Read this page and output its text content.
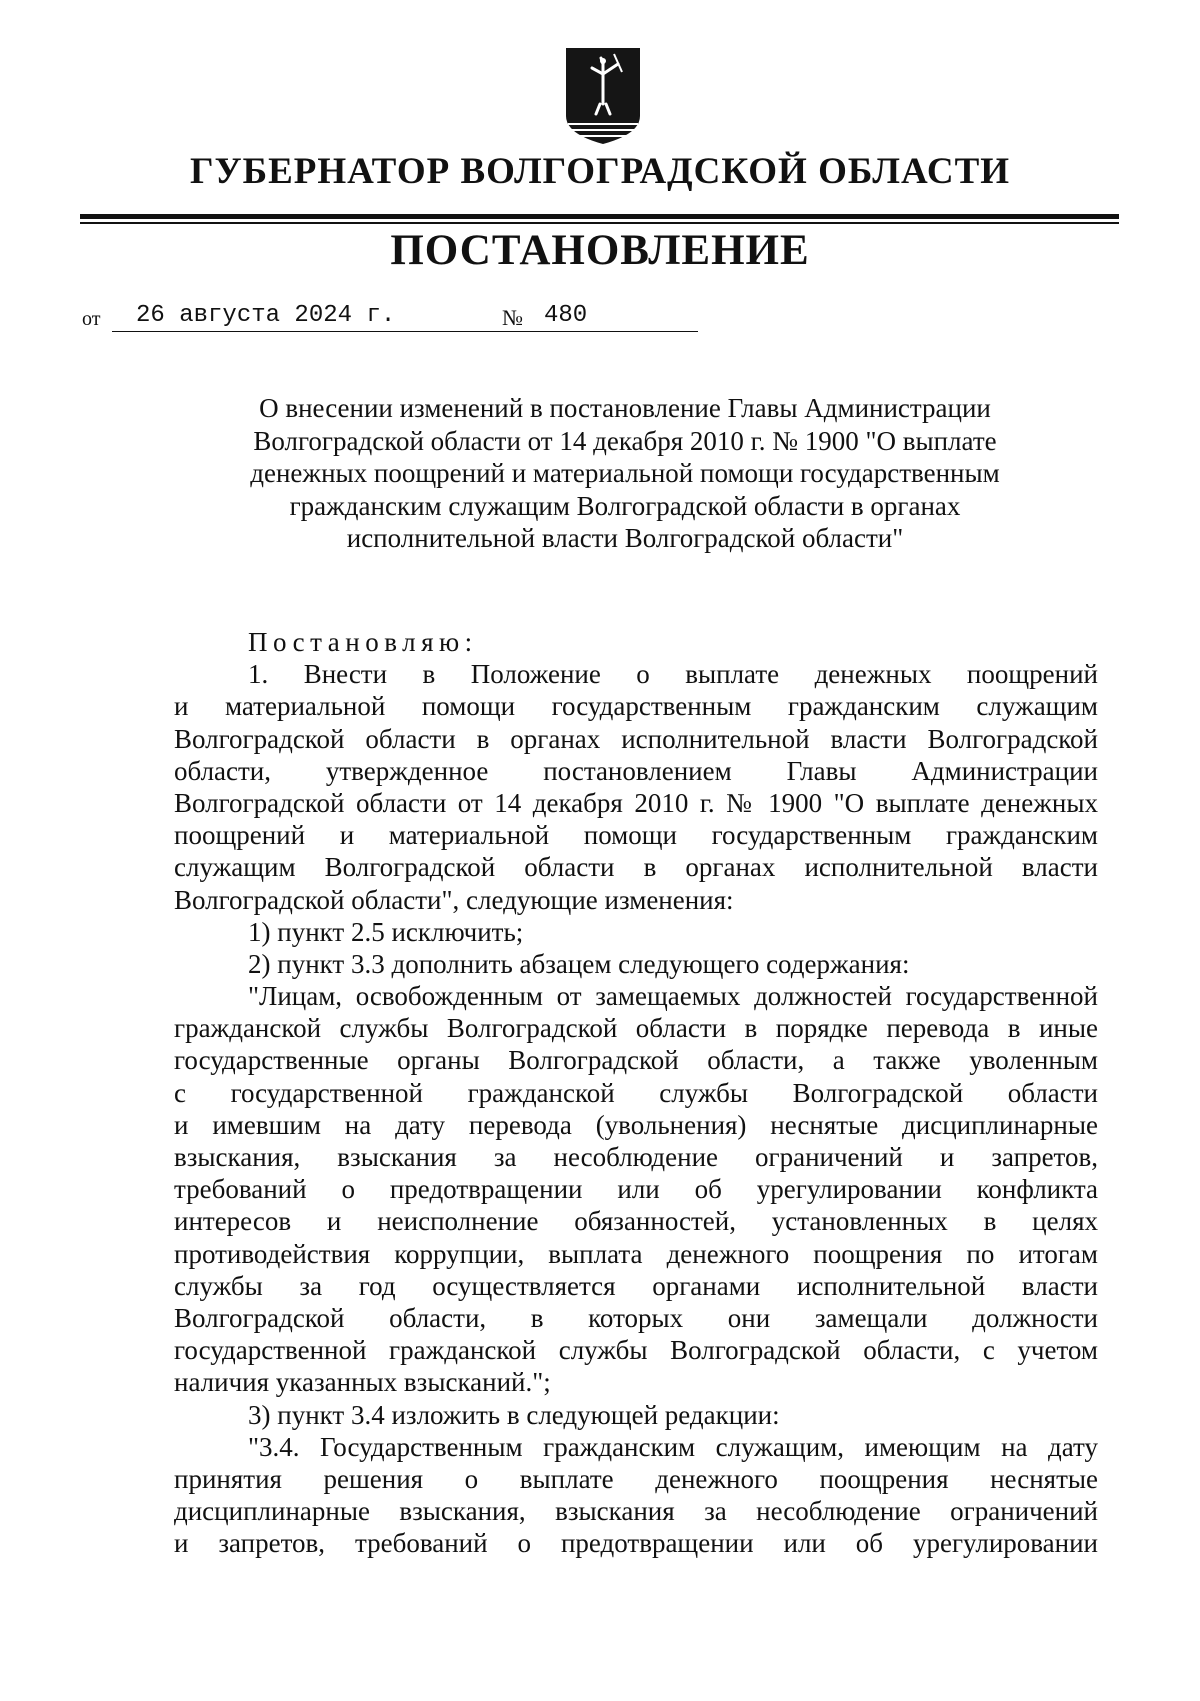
ГУБЕРНАТОР ВОЛГОГРАДСКОЙ ОБЛАСТИ
ПОСТАНОВЛЕНИЕ
от	26 августа 2024 г.	№ 480
О внесении изменений в постановление Главы Администрации
Волгоградской области от 14 декабря 2010 г. № 1900 "О выплате
денежных поощрений и материальной помощи государственным
гражданским служащим Волгоградской области в органах
исполнительной власти Волгоградской области"
Постановляю:
1. Внести в Положение о выплате денежных поощрений
и материальной помощи государственным гражданским служащим
Волгоградской области в органах исполнительной власти Волгоградской
области, утвержденное постановлением Главы Администрации
Волгоградской области от 14 декабря 2010 г. № 1900 "О выплате денежных
поощрений и материальной помощи государственным гражданским
служащим Волгоградской области в органах исполнительной власти
Волгоградской области", следующие изменения:
1) пункт 2.5 исключить;
2) пункт 3.3 дополнить абзацем следующего содержания:
"Лицам, освобожденным от замещаемых должностей государственной
гражданской службы Волгоградской области в порядке перевода в иные
государственные органы Волгоградской области, а также уволенным
с государственной гражданской службы Волгоградской области
и имевшим на дату перевода (увольнения) неснятые дисциплинарные
взыскания, взыскания за несоблюдение ограничений и запретов,
требований о предотвращении или об урегулировании конфликта
интересов и неисполнение обязанностей, установленных в целях
противодействия коррупции, выплата денежного поощрения по итогам
службы за год осуществляется органами исполнительной власти
Волгоградской области, в которых они замещали должности
государственной гражданской службы Волгоградской области, с учетом
наличия указанных взысканий.";
3) пункт 3.4 изложить в следующей редакции:
"3.4. Государственным гражданским служащим, имеющим на дату
принятия решения о выплате денежного поощрения неснятые
дисциплинарные взыскания, взыскания за несоблюдение ограничений
и запретов, требований о предотвращении или об урегулировании
